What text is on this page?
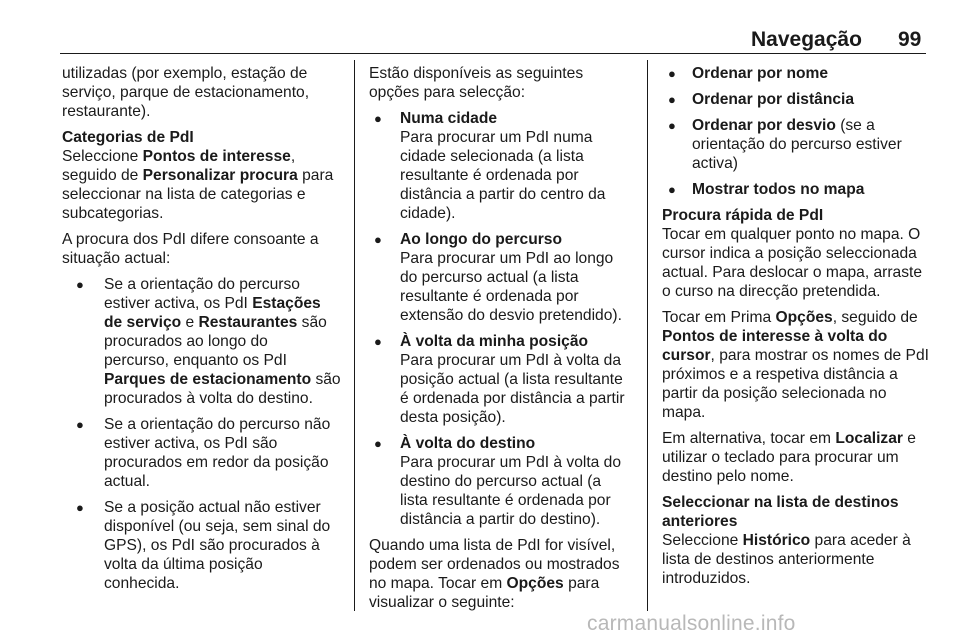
Navegação 99
utilizadas (por exemplo, estação de
serviço, parque de estacionamento,
restaurante).
Categorias de PdI
Seleccione Pontos de interesse,
seguido de Personalizar procura para
seleccionar na lista de categorias e
subcategorias.
A procura dos PdI difere consoante a
situação actual:
● Se a orientação do percurso
estiver activa, os PdI Estações
de serviço e Restaurantes são
procurados ao longo do
percurso, enquanto os PdI
Parques de estacionamento são
procurados à volta do destino.
● Se a orientação do percurso não
estiver activa, os PdI são
procurados em redor da posição
actual.
● Se a posição actual não estiver
disponível (ou seja, sem sinal do
GPS), os PdI são procurados à
volta da última posição
conhecida.
Estão disponíveis as seguintes
opções para selecção:
● Numa cidade
Para procurar um PdI numa
cidade selecionada (a lista
resultante é ordenada por
distância a partir do centro da
cidade).
● Ao longo do percurso
Para procurar um PdI ao longo
do percurso actual (a lista
resultante é ordenada por
extensão do desvio pretendido).
● À volta da minha posição
Para procurar um PdI à volta da
posição actual (a lista resultante
é ordenada por distância a partir
desta posição).
● À volta do destino
Para procurar um PdI à volta do
destino do percurso actual (a
lista resultante é ordenada por
distância a partir do destino).
Quando uma lista de PdI for visível,
podem ser ordenados ou mostrados
no mapa. Tocar em Opções para
visualizar o seguinte:
● Ordenar por nome
● Ordenar por distância
● Ordenar por desvio (se a
orientação do percurso estiver
activa)
● Mostrar todos no mapa
Procura rápida de PdI
Tocar em qualquer ponto no mapa. O
cursor indica a posição seleccionada
actual. Para deslocar o mapa, arraste
o curso na direcção pretendida.
Tocar em Prima Opções, seguido de
Pontos de interesse à volta do
cursor, para mostrar os nomes de PdI
próximos e a respetiva distância a
partir da posição selecionada no
mapa.
Em alternativa, tocar em Localizar e
utilizar o teclado para procurar um
destino pelo nome.
Seleccionar na lista de destinos
anteriores
Seleccione Histórico para aceder à
lista de destinos anteriormente
introduzidos.
carmanualsonline.info
